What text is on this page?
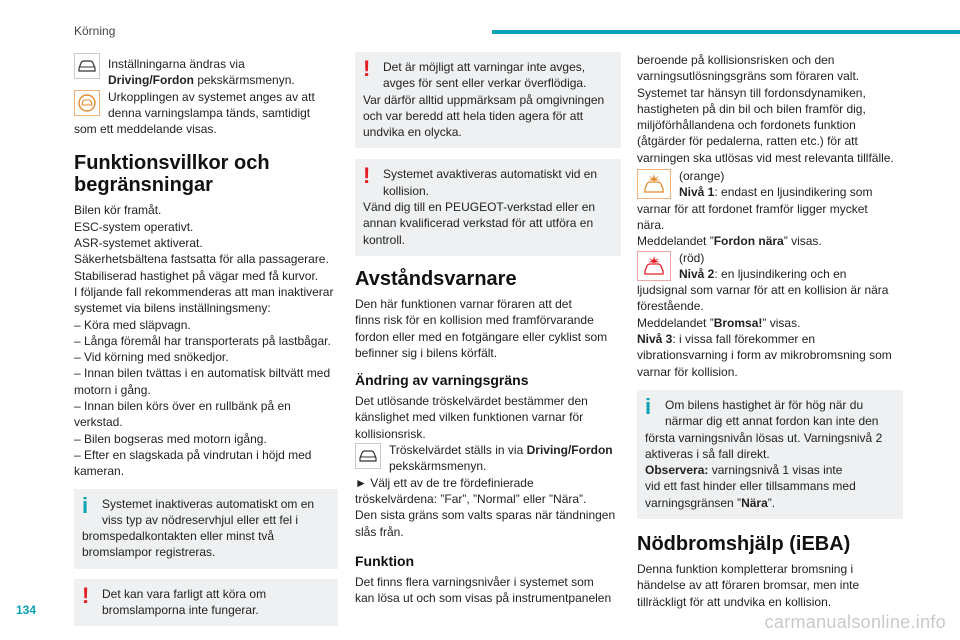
Körning

Inställningarna ändras via

Driving/Fordon pekskärmsmenyn.

Urkopplingen av systemet anges av att

denna varningslampa tänds, samtidigt

som ett meddelande visas.

Funktionsvillkor och
begränsningar

Bilen kör framåt.

ESC-system operativt.

ASR-systemet aktiverat.

Säkerhetsbältena fastsatta för alla passagerare.

Stabiliserad hastighet på vägar med få kurvor.

I följande fall rekommenderas att man inaktiverar

systemet via bilens inställningsmeny:

– Köra med släpvagn.

– Långa föremål har transporterats på lastbågar.

– Vid körning med snökedjor.

– Innan bilen tvättas i en automatisk biltvätt med

motorn i gång.

– Innan bilen körs över en rullbänk på en

verkstad.

– Bilen bogseras med motorn igång.

– Efter en slagskada på vindrutan i höjd med

kameran.

i	Systemet inaktiveras automatiskt om en

viss typ av nödreservhjul eller ett fel i

bromspedalkontakten eller minst två

bromslampor registreras.

!	Det kan vara farligt att köra om

bromslamporna inte fungerar.

!	Det är möjligt att varningar inte avges,

avges för sent eller verkar överflödiga.

Var därför alltid uppmärksam på omgivningen

och var beredd att hela tiden agera för att

undvika en olycka.

!	Systemet avaktiveras automatiskt vid en

kollision.

Vänd dig till en PEUGEOT-verkstad eller en

annan kvalificerad verkstad för att utföra en

kontroll.

Avståndsvarnare

Den här funktionen varnar föraren att det

finns risk för en kollision med framförvarande

fordon eller med en fotgängare eller cyklist som

befinner sig i bilens körfält.

Ändring av varningsgräns

Det utlösande tröskelvärdet bestämmer den

känslighet med vilken funktionen varnar för

kollisionsrisk.

Tröskelvärdet ställs in via Driving/Fordon

pekskärmsmenyn.

► Välj ett av de tre fördefinierade

tröskelvärdena: ”Far”, ”Normal” eller ”Nära”.

Den sista gräns som valts sparas när tändningen

slås från.

Funktion

Det finns flera varningsnivåer i systemet som

kan lösa ut och som visas på instrumentpanelen

beroende på kollisionsrisken och den

varningsutlösningsgräns som föraren valt.

Systemet tar hänsyn till fordonsdynamiken,

hastigheten på din bil och bilen framför dig,

miljöförhållandena och fordonets funktion

(åtgärder för pedalerna, ratten etc.) för att

varningen ska utlösas vid mest relevanta tillfälle.

(orange)

Nivå 1: endast en ljusindikering som

varnar för att fordonet framför ligger mycket

nära.

Meddelandet ”Fordon nära” visas.

(röd)

Nivå 2: en ljusindikering och en

ljudsignal som varnar för att en kollision är nära

förestående.

Meddelandet ”Bromsa!” visas.

Nivå 3: i vissa fall förekommer en

vibrationsvarning i form av mikrobromsning som

varnar för kollision.

i	Om bilens hastighet är för hög när du

närmar dig ett annat fordon kan inte den

första varningsnivån lösas ut. Varningsnivå 2

aktiveras i så fall direkt.

Observera: varningsnivå 1 visas inte

vid ett fast hinder eller tillsammans med

varningsgränsen ”Nära”.

Nödbromshjälp (iEBA)

Denna funktion kompletterar bromsning i

händelse av att föraren bromsar, men inte

tillräckligt för att undvika en kollision.

134
carmanualsonline.info
